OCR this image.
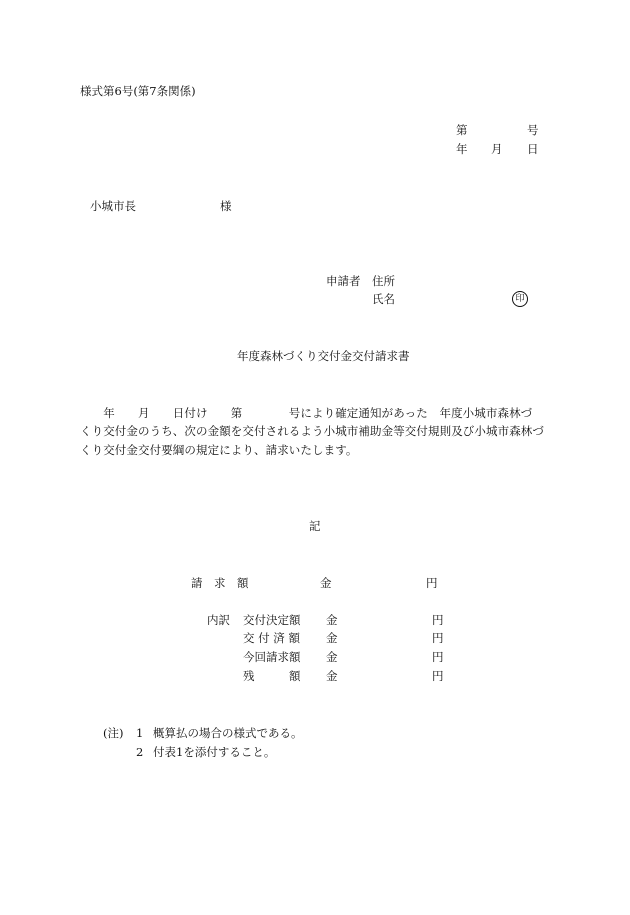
様式第6号(第7条関係)
第	号
年 月 日
小城市長	様
申請者 住所
氏名	印
年度森林づくり交付金交付請求書
　　年　　月　　日付け　　第　　　　号により確定通知があった　年度小城市森林づ
くり交付金のうち、次の金額を交付されるよう小城市補助金等交付規則及び小城市森林づ
くり交付金交付要綱の規定により、請求いたします。
記
請　求　額	金	円
内訳 交付決定額 金	円
交 付 済 額 金	円
今回請求額 金	円
残　　　額 金	円
(注) 1 概算払の場合の様式である。
2 付表1を添付すること。
